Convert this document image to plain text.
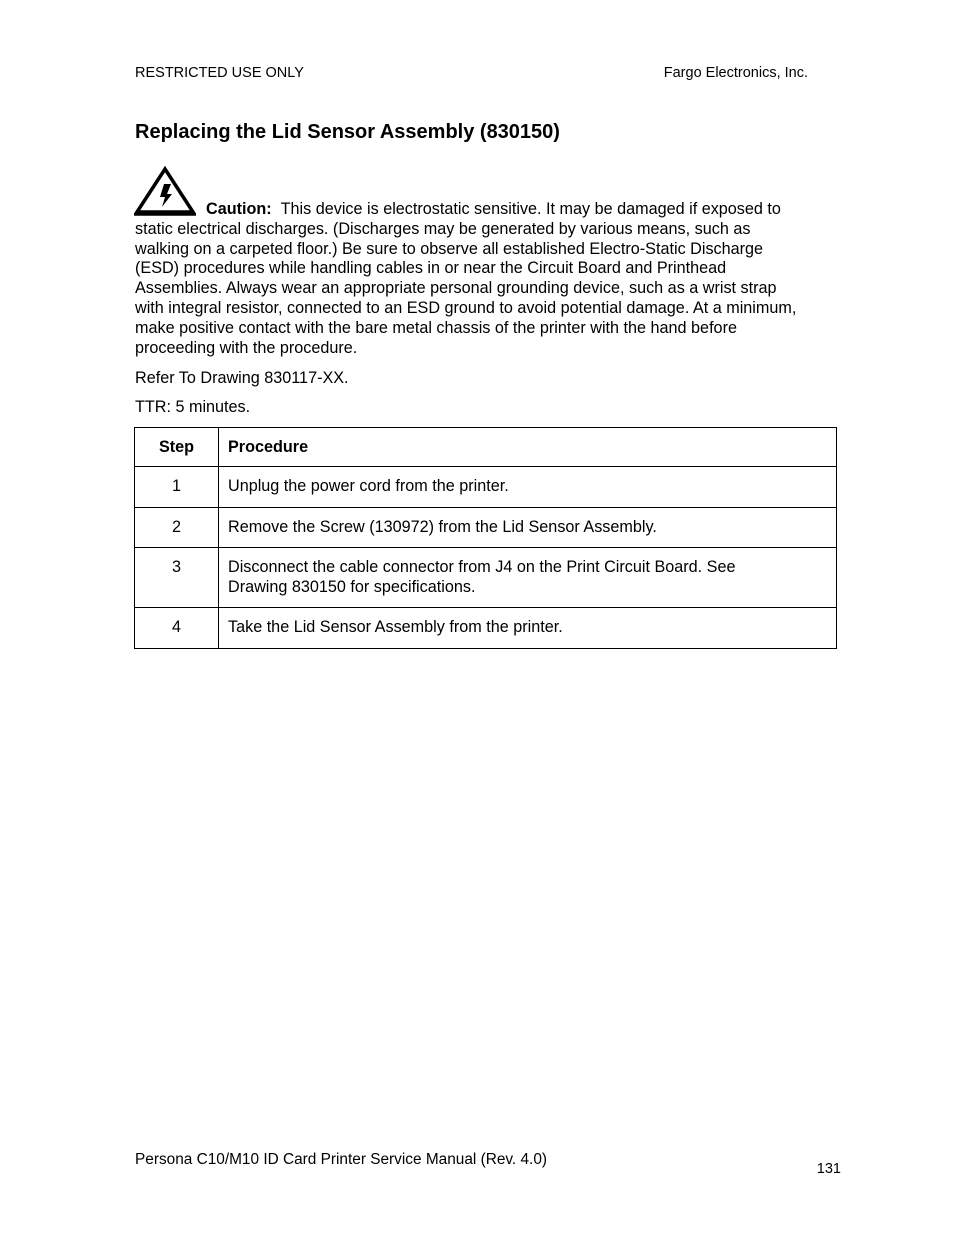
RESTRICTED USE ONLY	Fargo Electronics, Inc.
Replacing the Lid Sensor Assembly (830150)

Caution: This device is electrostatic sensitive. It may be damaged if exposed to
static electrical discharges. (Discharges may be generated by various means, such as
walking on a carpeted floor.) Be sure to observe all established Electro-Static Discharge
(ESD) procedures while handling cables in or near the Circuit Board and Printhead
Assemblies. Always wear an appropriate personal grounding device, such as a wrist strap
with integral resistor, connected to an ESD ground to avoid potential damage. At a minimum,
make positive contact with the bare metal chassis of the printer with the hand before
proceeding with the procedure.

Refer To Drawing 830117-XX.

TTR: 5 minutes.

Step	Procedure
1	Unplug the power cord from the printer.

2	Remove the Screw (130972) from the Lid Sensor Assembly.

3	Disconnect the cable connector from J4 on the Print Circuit Board. See
Drawing 830150 for specifications.

4	Take the Lid Sensor Assembly from the printer.
Persona C10/M10 ID Card Printer Service Manual (Rev. 4.0)
131
